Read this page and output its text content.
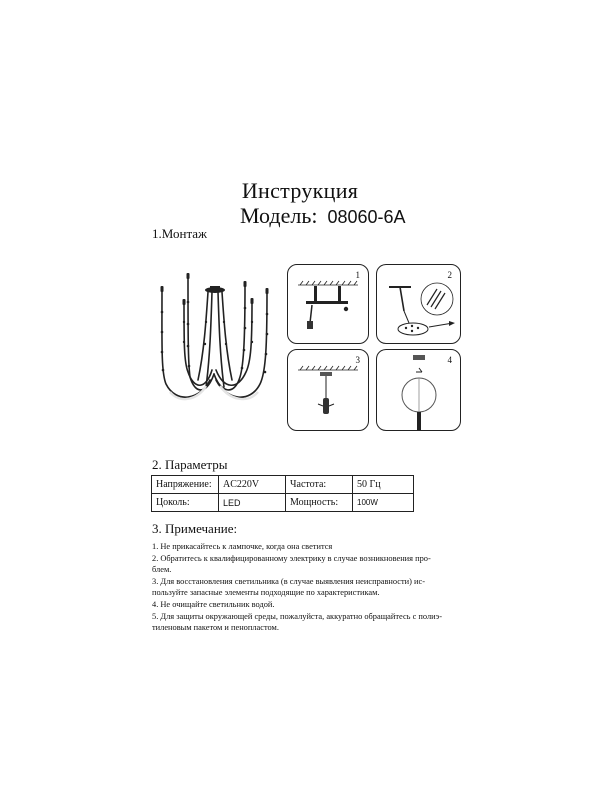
Инструкция
Модель: 08060-6A
1.Монтаж
1	2
3	4
2. Параметры
Напряжение:	AC220V	Частота:	50 Гц
Цоколь:	LED	Мощность:	100W
3. Примечание:
1. Не прикасайтесь к лампочке, когда она светится
2. Обратитесь к квалифицированному электрику в случае возникновения про-
блем.
3. Для восстановления светильника (в случае выявления неисправности) ис-
пользуйте запасные элементы подходящие по характеристикам.
4. Не очищайте светильник водой.
5. Для защиты окружающей среды, пожалуйста, аккуратно обращайтесь с полиэ-
тиленовым пакетом и пенопластом.
